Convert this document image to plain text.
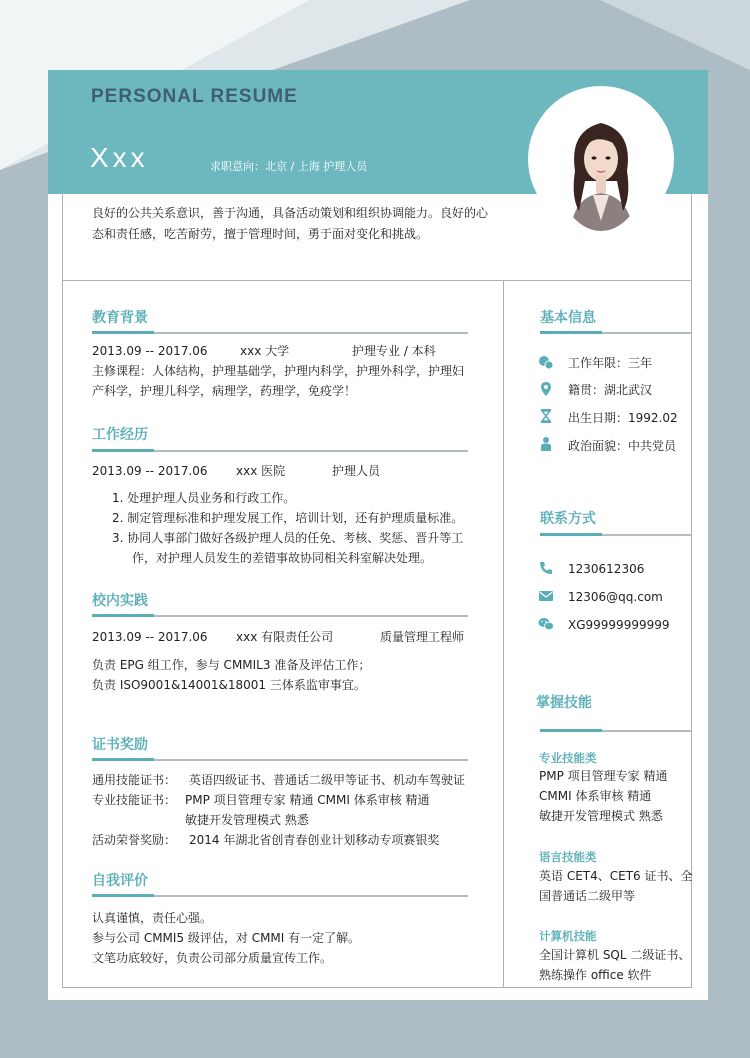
PERSONAL RESUME
Xxx	求职意向：北京 / 上海 护理人员
良好的公共关系意识，善于沟通，具备活动策划和组织协调能力。良好的心态和责任感，吃苦耐劳，擅于管理时间，勇于面对变化和挑战。
教育背景
2013.09 -- 2017.06	xxx 大学	护理专业 / 本科
主修课程：人体结构，护理基础学，护理内科学，护理外科学，护理妇
产科学，护理儿科学，病理学，药理学，免疫学！
工作经历
2013.09 -- 2017.06 xxx 医院	护理人员
1. 处理护理人员业务和行政工作。
2. 制定管理标准和护理发展工作，培训计划，还有护理质量标准。
3. 协同人事部门做好各级护理人员的任免、考核、奖惩、晋升等工
作，对护理人员发生的差错事故协同相关科室解决处理。
校内实践
2013.09 -- 2017.06 xxx 有限责任公司	质量管理工程师
负责 EPG 组工作，参与 CMMIL3 准备及评估工作；
负责 ISO9001&14001&18001 三体系监审事宜。
证书奖励
通用技能证书： 英语四级证书、普通话二级甲等证书、机动车驾驶证
专业技能证书： PMP 项目管理专家 精通 CMMI 体系审核 精通
敏捷开发管理模式 熟悉
活动荣誉奖励： 2014 年湖北省创青春创业计划移动专项赛银奖
自我评价
认真谨慎，责任心强。
参与公司 CMMI5 级评估，对 CMMI 有一定了解。
文笔功底较好，负责公司部分质量宣传工作。
基本信息
工作年限：三年
籍贯：湖北武汉
出生日期：1992.02
政治面貌：中共党员
联系方式
1230612306
12306@qq.com
XG99999999999
掌握技能
专业技能类
PMP 项目管理专家 精通
CMMI 体系审核 精通
敏捷开发管理模式 熟悉
语言技能类
英语 CET4、CET6 证书、全
国普通话二级甲等
计算机技能
全国计算机 SQL 二级证书、
熟练操作 office 软件
